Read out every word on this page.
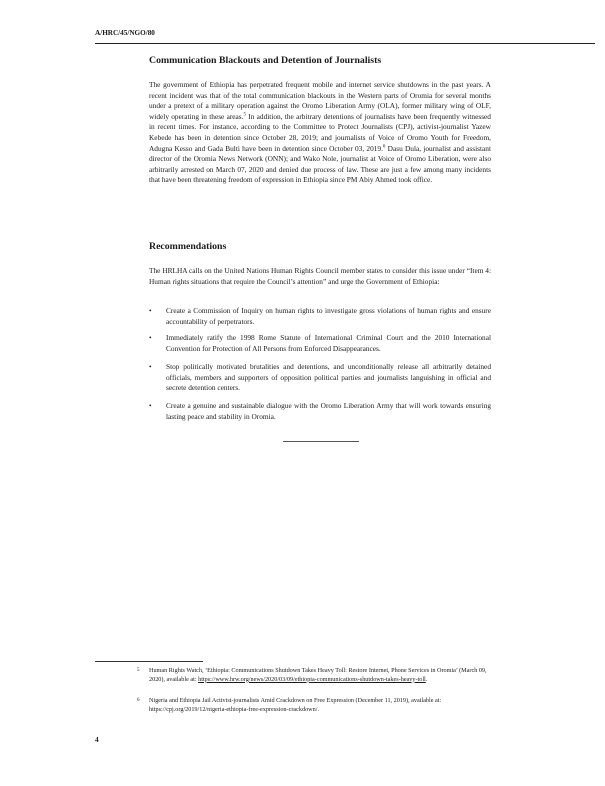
A/HRC/45/NGO/80
Communication Blackouts and Detention of Journalists

The government of Ethiopia has perpetrated frequent mobile and internet service shutdowns in the past years. A recent incident was that of the total communication blackouts in the Western parts of Oromia for several months under a pretext of a military operation against the Oromo Liberation Army (OLA), former military wing of OLF, widely operating in these areas.$^5$ In addition, the arbitrary detentions of journalists have been frequently witnessed in recent times. For instance, according to the Committee to Protect Journalists (CPJ), activist-journalist Yazew Kebede has been in detention since October 28, 2019; and journalists of Voice of Oromo Youth for Freedom, Adugna Kesso and Gada Bulti have been in detention since October 03, 2019.$^6$ Dasu Dula, journalist and assistant director of the Oromia News Network (ONN); and Wako Nole, journalist at Voice of Oromo Liberation, were also arbitrarily arrested on March 07, 2020 and denied due process of law. These are just a few among many incidents that have been threatening freedom of expression in Ethiopia since PM Abiy Ahmed took office.

Recommendations

The HRLHA calls on the United Nations Human Rights Council member states to consider this issue under “Item 4: Human rights situations that require the Council’s attention” and urge the Government of Ethiopia:

• Create a Commission of Inquiry on human rights to investigate gross violations of human rights and ensure accountability of perpetrators.
• Immediately ratify the 1998 Rome Statute of International Criminal Court and the 2010 International Convention for Protection of All Persons from Enforced Disappearances.
• Stop politically motivated brutalities and detentions, and unconditionally release all arbitrarily detained officials, members and supporters of opposition political parties and journalists languishing in official and secrete detention centers.
• Create a genuine and sustainable dialogue with the Oromo Liberation Army that will work towards ensuring lasting peace and stability in Oromia.
5 Human Rights Watch, ‘Ethiopia: Communications Shutdown Takes Heavy Toll: Restore Internet, Phone Services in Oromia’ (March 09, 2020), available at: https://www.hrw.org/news/2020/03/09/ethiopia-communications-shutdown-takes-heavy-toll.
6 Nigeria and Ethiopia Jail Activist-journalists Amid Crackdown on Free Expression (December 11, 2019), available at: https://cpj.org/2019/12/nigeria-ethiopia-free-expression-crackdown/.
4
